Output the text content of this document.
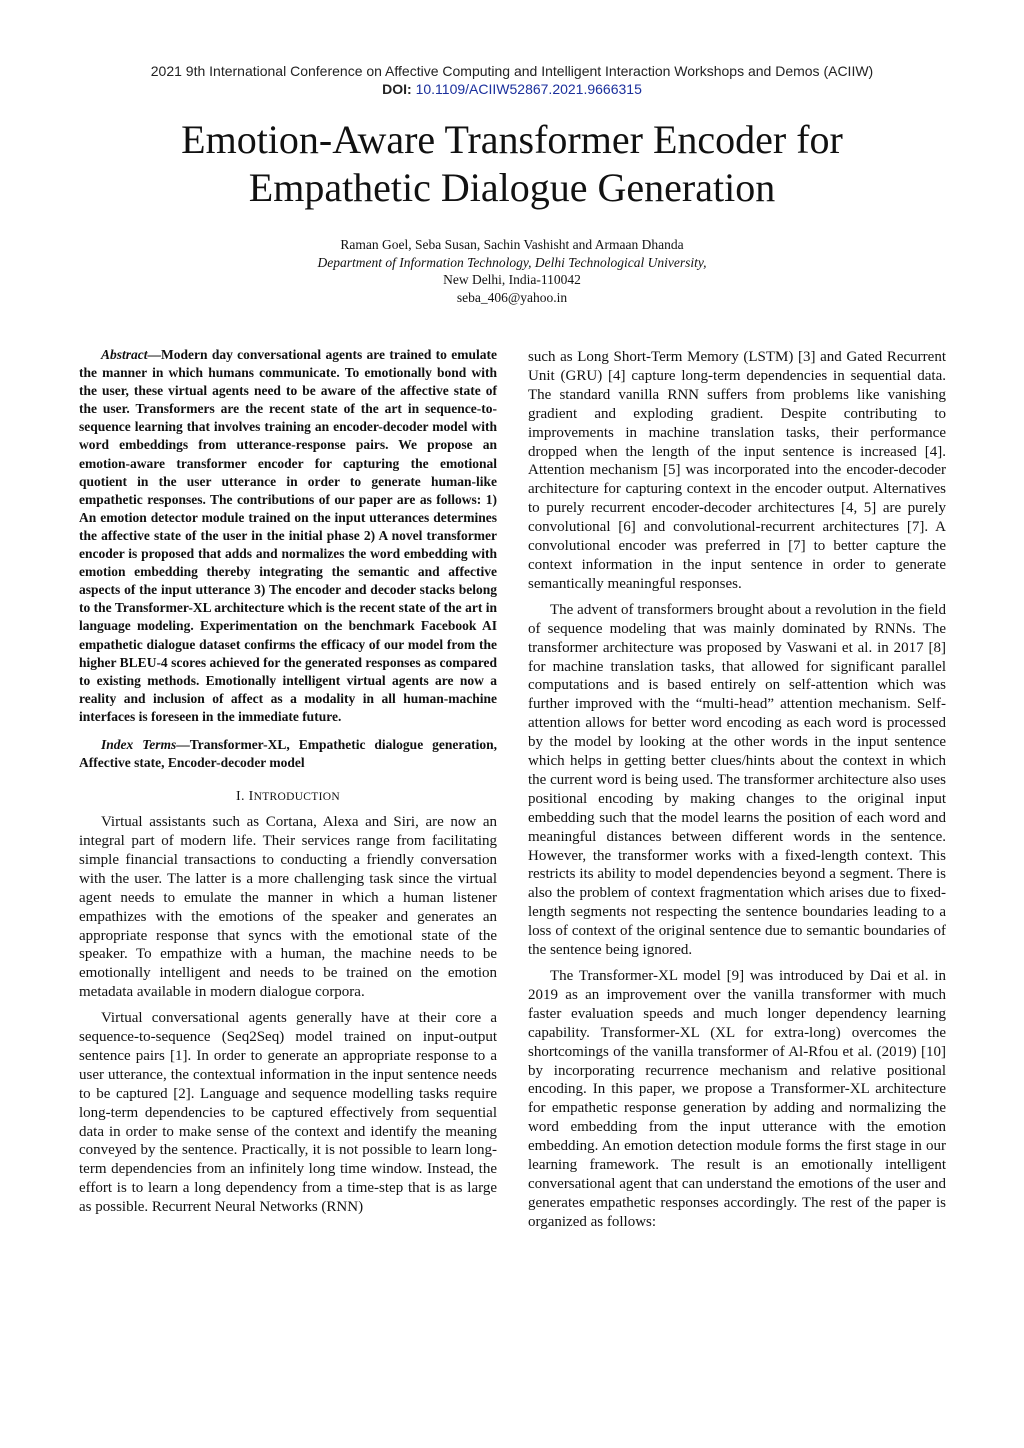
2021 9th International Conference on Affective Computing and Intelligent Interaction Workshops and Demos (ACIIW)
DOI: 10.1109/ACIIW52867.2021.9666315
Emotion-Aware Transformer Encoder for
Empathetic Dialogue Generation
Raman Goel, Seba Susan, Sachin Vashisht and Armaan Dhanda
Department of Information Technology, Delhi Technological University,
New Delhi, India-110042
seba_406@yahoo.in

Abstract—Modern day conversational agents are trained to emulate the manner in which humans communicate. To emotionally bond with the user, these virtual agents need to be aware of the affective state of the user. Transformers are the recent state of the art in sequence-to-sequence learning that involves training an encoder-decoder model with word embeddings from utterance-response pairs. We propose an emotion-aware transformer encoder for capturing the emotional quotient in the user utterance in order to generate human-like empathetic responses. The contributions of our paper are as follows: 1) An emotion detector module trained on the input utterances determines the affective state of the user in the initial phase 2) A novel transformer encoder is proposed that adds and normalizes the word embedding with emotion embedding thereby integrating the semantic and affective aspects of the input utterance 3) The encoder and decoder stacks belong to the Transformer-XL architecture which is the recent state of the art in language modeling. Experimentation on the benchmark Facebook AI empathetic dialogue dataset confirms the efficacy of our model from the higher BLEU-4 scores achieved for the generated responses as compared to existing methods. Emotionally intelligent virtual agents are now a reality and inclusion of affect as a modality in all human-machine interfaces is foreseen in the immediate future.

Index Terms—Transformer-XL, Empathetic dialogue generation, Affective state, Encoder-decoder model

I. INTRODUCTION

Virtual assistants such as Cortana, Alexa and Siri, are now an integral part of modern life. Their services range from facilitating simple financial transactions to conducting a friendly conversation with the user. The latter is a more challenging task since the virtual agent needs to emulate the manner in which a human listener empathizes with the emotions of the speaker and generates an appropriate response that syncs with the emotional state of the speaker. To empathize with a human, the machine needs to be emotionally intelligent and needs to be trained on the emotion metadata available in modern dialogue corpora.

Virtual conversational agents generally have at their core a sequence-to-sequence (Seq2Seq) model trained on input-output sentence pairs [1]. In order to generate an appropriate response to a user utterance, the contextual information in the input sentence needs to be captured [2]. Language and sequence modelling tasks require long-term dependencies to be captured effectively from sequential data in order to make sense of the context and identify the meaning conveyed by the sentence. Practically, it is not possible to learn long-term dependencies from an infinitely long time window. Instead, the effort is to learn a long dependency from a time-step that is as large as possible. Recurrent Neural Networks (RNN)

such as Long Short-Term Memory (LSTM) [3] and Gated Recurrent Unit (GRU) [4] capture long-term dependencies in sequential data. The standard vanilla RNN suffers from problems like vanishing gradient and exploding gradient. Despite contributing to improvements in machine translation tasks, their performance dropped when the length of the input sentence is increased [4]. Attention mechanism [5] was incorporated into the encoder-decoder architecture for capturing context in the encoder output. Alternatives to purely recurrent encoder-decoder architectures [4, 5] are purely convolutional [6] and convolutional-recurrent architectures [7]. A convolutional encoder was preferred in [7] to better capture the context information in the input sentence in order to generate semantically meaningful responses.

The advent of transformers brought about a revolution in the field of sequence modeling that was mainly dominated by RNNs. The transformer architecture was proposed by Vaswani et al. in 2017 [8] for machine translation tasks, that allowed for significant parallel computations and is based entirely on self-attention which was further improved with the “multi-head” attention mechanism. Self-attention allows for better word encoding as each word is processed by the model by looking at the other words in the input sentence which helps in getting better clues/hints about the context in which the current word is being used. The transformer architecture also uses positional encoding by making changes to the original input embedding such that the model learns the position of each word and meaningful distances between different words in the sentence. However, the transformer works with a fixed-length context. This restricts its ability to model dependencies beyond a segment. There is also the problem of context fragmentation which arises due to fixed-length segments not respecting the sentence boundaries leading to a loss of context of the original sentence due to semantic boundaries of the sentence being ignored.

The Transformer-XL model [9] was introduced by Dai et al. in 2019 as an improvement over the vanilla transformer with much faster evaluation speeds and much longer dependency learning capability. Transformer-XL (XL for extra-long) overcomes the shortcomings of the vanilla transformer of Al-Rfou et al. (2019) [10] by incorporating recurrence mechanism and relative positional encoding. In this paper, we propose a Transformer-XL architecture for empathetic response generation by adding and normalizing the word embedding from the input utterance with the emotion embedding. An emotion detection module forms the first stage in our learning framework. The result is an emotionally intelligent conversational agent that can understand the emotions of the user and generates empathetic responses accordingly. The rest of the paper is organized as follows:
